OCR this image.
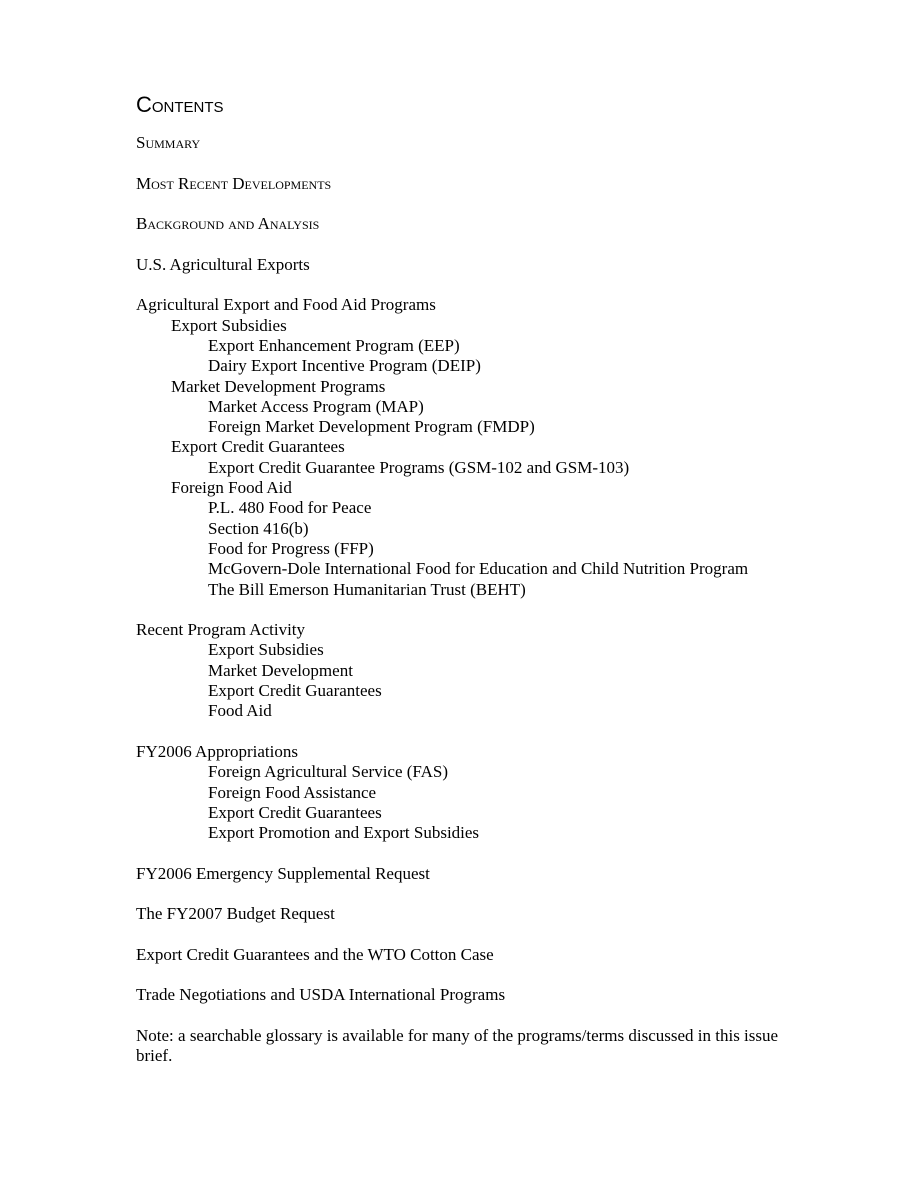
Contents
Summary
Most Recent Developments
Background and Analysis
U.S. Agricultural Exports
Agricultural Export and Food Aid Programs
Export Subsidies
Export Enhancement Program (EEP)
Dairy Export Incentive Program (DEIP)
Market Development Programs
Market Access Program (MAP)
Foreign Market Development Program (FMDP)
Export Credit Guarantees
Export Credit Guarantee Programs (GSM-102 and GSM-103)
Foreign Food Aid
P.L. 480 Food for Peace
Section 416(b)
Food for Progress (FFP)
McGovern-Dole International Food for Education and Child Nutrition Program
The Bill Emerson Humanitarian Trust (BEHT)
Recent Program Activity
Export Subsidies
Market Development
Export Credit Guarantees
Food Aid
FY2006 Appropriations
Foreign Agricultural Service (FAS)
Foreign Food Assistance
Export Credit Guarantees
Export Promotion and Export Subsidies
FY2006 Emergency Supplemental Request
The FY2007 Budget Request
Export Credit Guarantees and the WTO Cotton Case
Trade Negotiations and USDA International Programs
Note: a searchable glossary is available for many of the programs/terms discussed in this issue brief.
